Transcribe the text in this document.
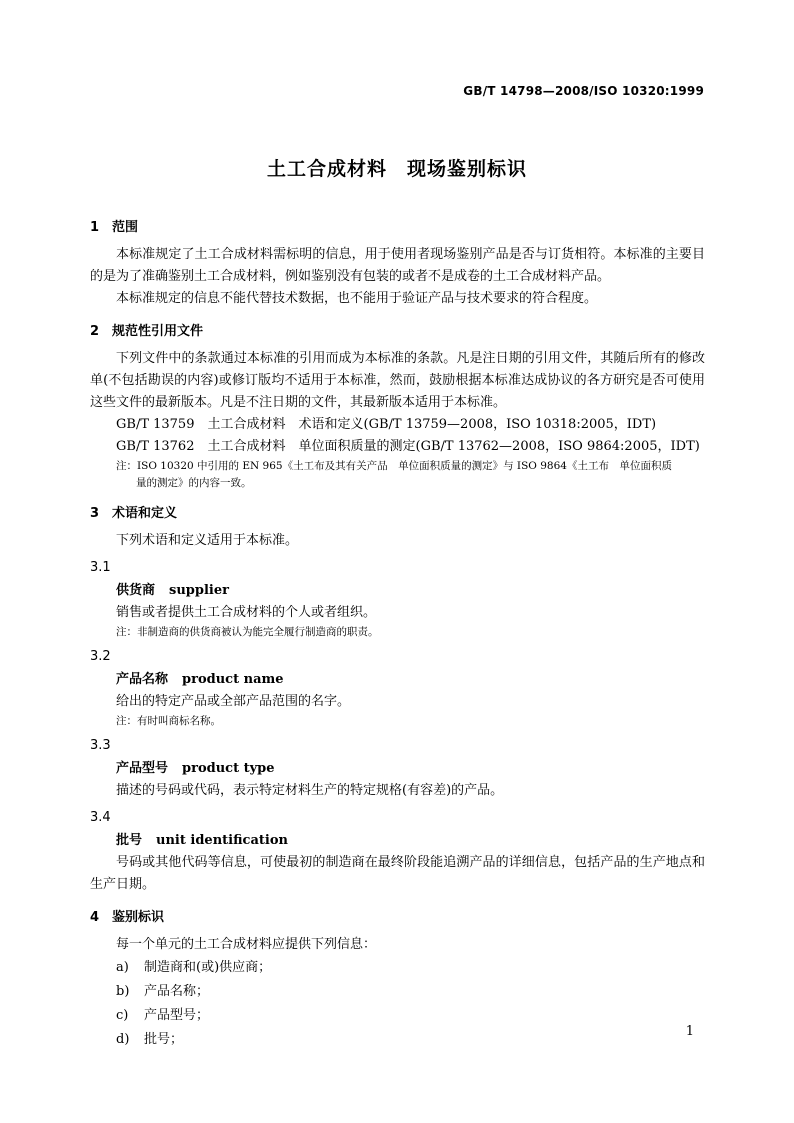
GB/T 14798—2008/ISO 10320:1999
土工合成材料　现场鉴别标识
1 范围

本标准规定了土工合成材料需标明的信息，用于使用者现场鉴别产品是否与订货相符。本标准的主要目的是为了准确鉴别土工合成材料，例如鉴别没有包装的或者不是成卷的土工合成材料产品。

本标准规定的信息不能代替技术数据，也不能用于验证产品与技术要求的符合程度。

2 规范性引用文件

下列文件中的条款通过本标准的引用而成为本标准的条款。凡是注日期的引用文件，其随后所有的修改单(不包括勘误的内容)或修订版均不适用于本标准，然而，鼓励根据本标准达成协议的各方研究是否可使用这些文件的最新版本。凡是不注日期的文件，其最新版本适用于本标准。

GB/T 13759　 土工合成材料　术语和定义(GB/T 13759—2008，ISO 10318:2005，IDT)

GB/T 13762　 土工合成材料　单位面积质量的测定(GB/T 13762—2008，ISO 9864:2005，IDT)

注：ISO 10320 中引用的 EN 965《土工布及其有关产品　单位面积质量的测定》与 ISO 9864《土工布　单位面积质

量的测定》的内容一致。

3 术语和定义

下列术语和定义适用于本标准。

3.1
供货商 supplier

销售或者提供土工合成材料的个人或者组织。

注：非制造商的供货商被认为能完全履行制造商的职责。

3.2
产品名称 product name

给出的特定产品或全部产品范围的名字。

注：有时叫商标名称。

3.3
产品型号 product type

描述的号码或代码，表示特定材料生产的特定规格(有容差)的产品。

3.4
批号 unit identification

号码或其他代码等信息，可使最初的制造商在最终阶段能追溯产品的详细信息，包括产品的生产地点和生产日期。

4 鉴别标识

每一个单元的土工合成材料应提供下列信息：

a) 制造商和(或)供应商；

b) 产品名称；

c) 产品型号；

d) 批号；

1
